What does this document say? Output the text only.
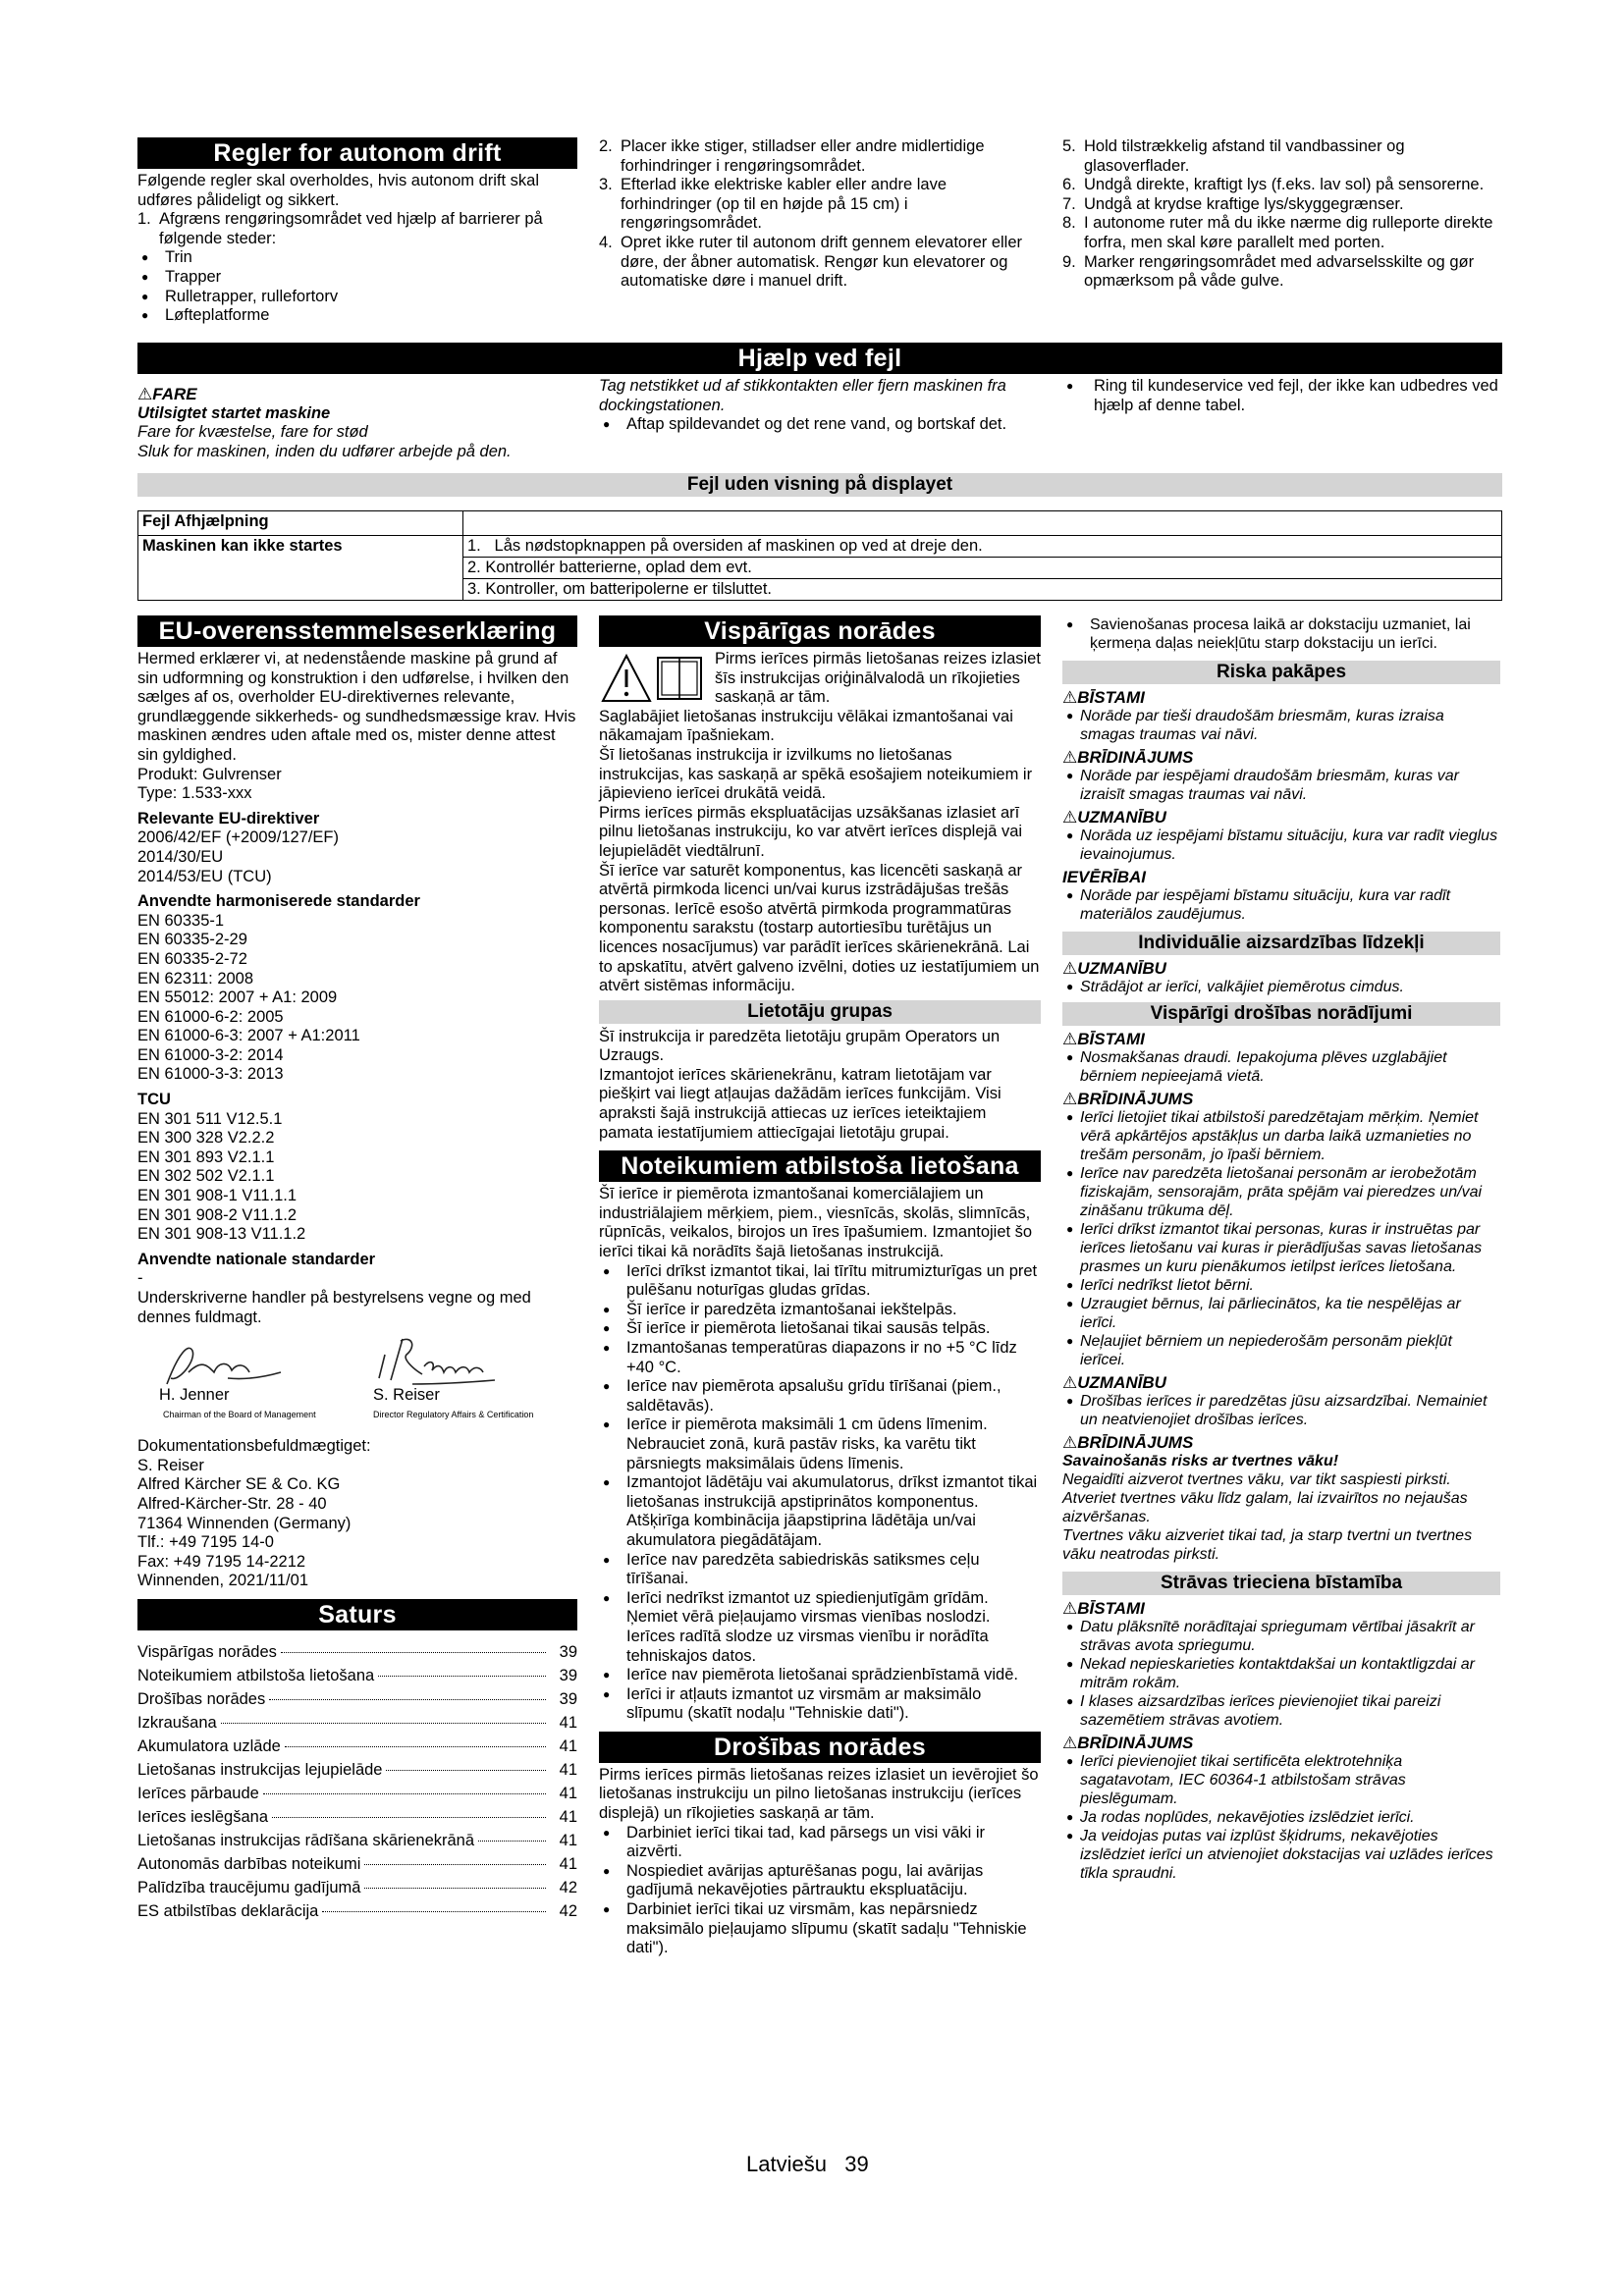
Regler for autonom drift

Følgende regler skal overholdes, hvis autonom drift skal udføres pålideligt og sikkert.

1. Afgræns rengøringsområdet ved hjælp af barrierer på følgende steder:
● Trin
● Trapper
● Rulletrapper, rullefortorv
● Løfteplatforme
2. Placer ikke stiger, stilladser eller andre midlertidige forhindringer i rengøringsområdet.
3. Efterlad ikke elektriske kabler eller andre lave forhindringer (op til en højde på 15 cm) i rengøringsområdet.
4. Opret ikke ruter til autonom drift gennem elevatorer eller døre, der åbner automatisk. Rengør kun elevatorer og automatiske døre i manuel drift.
5. Hold tilstrækkelig afstand til vandbassiner og glasoverflader.
6. Undgå direkte, kraftigt lys (f.eks. lav sol) på sensorerne.
7. Undgå at krydse kraftige lys/skyggegrænser.
8. I autonome ruter må du ikke nærme dig rulleporte direkte forfra, men skal køre parallelt med porten.
9. Marker rengøringsområdet med advarselsskilte og gør opmærksom på våde gulve.
Hjælp ved fejl
⚠FARE
Utilsigtet startet maskine
Fare for kvæstelse, fare for stød
Sluk for maskinen, inden du udfører arbejde på den.
Tag netstikket ud af stikkontakten eller fjern maskinen fra dockingstationen.
● Aftap spildevandet og det rene vand, og bortskaf det.
● Ring til kundeservice ved fejl, der ikke kan udbedres ved hjælp af denne tabel.
Fejl uden visning på displayet
Fejl Afhjælpning	
Maskinen kan ikke startes	1. Lås nødstopknappen på oversiden af maskinen op ved at dreje den.
2. Kontrollér batterierne, oplad dem evt.
3. Kontroller, om batteripolerne er tilsluttet.
EU-overensstemmelseserklæring

Hermed erklærer vi, at nedenstående maskine på grund af sin udformning og konstruktion i den udførelse, i hvilken den sælges af os, overholder EU-direktivernes relevante, grundlæggende sikkerheds- og sundhedsmæssige krav. Hvis maskinen ændres uden aftale med os, mister denne attest sin gyldighed.

Produkt: Gulvrenser

Type: 1.533-xxx

Relevante EU-direktiver
2006/42/EF (+2009/127/EF)
2014/30/EU
2014/53/EU (TCU)
Anvendte harmoniserede standarder
EN 60335-1
EN 60335-2-29
EN 60335-2-72
EN 62311: 2008
EN 55012: 2007 + A1: 2009
EN 61000-6-2: 2005
EN 61000-6-3: 2007 + A1:2011
EN 61000-3-2: 2014
EN 61000-3-3: 2013
TCU
EN 301 511 V12.5.1
EN 300 328 V2.2.2
EN 301 893 V2.1.1
EN 302 502 V2.1.1
EN 301 908-1 V11.1.1
EN 301 908-2 V11.1.2
EN 301 908-13 V11.1.2
Anvendte nationale standarder
-

Underskriverne handler på bestyrelsens vegne og med dennes fuldmagt.

H. Jenner
Chairman of the Board of Management
S. Reiser
Director Regulatory Affairs & Certification
Dokumentationsbefuldmægtiget:
S. Reiser
Alfred Kärcher SE & Co. KG
Alfred-Kärcher-Str. 28 - 40
71364 Winnenden (Germany)
Tlf.: +49 7195 14-0
Fax: +49 7195 14-2212
Winnenden, 2021/11/01
Saturs
Vispārīgas norādes	39
Noteikumiem atbilstoša lietošana	39
Drošības norādes	39
Izkraušana	41
Akumulatora uzlāde	41
Lietošanas instrukcijas lejupielāde	41
Ierīces pārbaude	41
Ierīces ieslēgšana	41
Lietošanas instrukcijas rādīšana skārienekrānā	41
Autonomās darbības noteikumi	41
Palīdzība traucējumu gadījumā	42
ES atbilstības deklarācija	42
Vispārīgas norādes
Pirms ierīces pirmās lietošanas reizes izlasiet šīs instrukcijas oriģinālvalodā un rīkojieties saskaņā ar tām.

Saglabājiet lietošanas instrukciju vēlākai izmantošanai vai nākamajam īpašniekam.

Šī lietošanas instrukcija ir izvilkums no lietošanas instrukcijas, kas saskaņā ar spēkā esošajiem noteikumiem ir jāpievieno ierīcei drukātā veidā.

Pirms ierīces pirmās ekspluatācijas uzsākšanas izlasiet arī pilnu lietošanas instrukciju, ko var atvērt ierīces displejā vai lejupielādēt viedtālrunī.

Šī ierīce var saturēt komponentus, kas licencēti saskaņā ar atvērtā pirmkoda licenci un/vai kurus izstrādājušas trešās personas. Ierīcē esošo atvērtā pirmkoda programmatūras komponentu sarakstu (tostarp autortiesību turētājus un licences nosacījumus) var parādīt ierīces skārienekrānā. Lai to apskatītu, atvērt galveno izvēlni, doties uz iestatījumiem un atvērt sistēmas informāciju.

Lietotāju grupas

Šī instrukcija ir paredzēta lietotāju grupām Operators un Uzraugs.

Izmantojot ierīces skārienekrānu, katram lietotājam var piešķirt vai liegt atļaujas dažādām ierīces funkcijām. Visi apraksti šajā instrukcijā attiecas uz ierīces ieteiktajiem pamata iestatījumiem attiecīgajai lietotāju grupai.

Noteikumiem atbilstoša lietošana

Šī ierīce ir piemērota izmantošanai komerciālajiem un industriālajiem mērķiem, piem., viesnīcās, skolās, slimnīcās, rūpnīcās, veikalos, birojos un īres īpašumiem. Izmantojiet šo ierīci tikai kā norādīts šajā lietošanas instrukcijā.

● Ierīci drīkst izmantot tikai, lai tīrītu mitrumizturīgas un pret pulēšanu noturīgas gludas grīdas.
● Šī ierīce ir paredzēta izmantošanai iekštelpās.
● Šī ierīce ir piemērota lietošanai tikai sausās telpās.
● Izmantošanas temperatūras diapazons ir no +5 °C līdz +40 °C.
● Ierīce nav piemērota apsalušu grīdu tīrīšanai (piem., saldētavās).
● Ierīce ir piemērota maksimāli 1 cm ūdens līmenim. Nebrauciet zonā, kurā pastāv risks, ka varētu tikt pārsniegts maksimālais ūdens līmenis.
● Izmantojot lādētāju vai akumulatorus, drīkst izmantot tikai lietošanas instrukcijā apstiprinātos komponentus. Atšķirīga kombinācija jāapstiprina lādētāja un/vai akumulatora piegādātājam.
● Ierīce nav paredzēta sabiedriskās satiksmes ceļu tīrīšanai.
● Ierīci nedrīkst izmantot uz spiedienjutīgām grīdām. Ņemiet vērā pieļaujamo virsmas vienības noslodzi. Ierīces radītā slodze uz virsmas vienību ir norādīta tehniskajos datos.
● Ierīce nav piemērota lietošanai sprādzienbīstamā vidē.
● Ierīci ir atļauts izmantot uz virsmām ar maksimālo slīpumu (skatīt nodaļu "Tehniskie dati").
Drošības norādes

Pirms ierīces pirmās lietošanas reizes izlasiet un ievērojiet šo lietošanas instrukciju un pilno lietošanas instrukciju (ierīces displejā) un rīkojieties saskaņā ar tām.

● Darbiniet ierīci tikai tad, kad pārsegs un visi vāki ir aizvērti.
● Nospiediet avārijas apturēšanas pogu, lai avārijas gadījumā nekavējoties pārtrauktu ekspluatāciju.
● Darbiniet ierīci tikai uz virsmām, kas nepārsniedz maksimālo pieļaujamo slīpumu (skatīt sadaļu "Tehniskie dati").
● Savienošanas procesa laikā ar dokstaciju uzmaniet, lai ķermeņa daļas neiekļūtu starp dokstaciju un ierīci.
Riska pakāpes
⚠BĪSTAMI
● Norāde par tieši draudošām briesmām, kuras izraisa smagas traumas vai nāvi.
⚠BRĪDINĀJUMS
● Norāde par iespējami draudošām briesmām, kuras var izraisīt smagas traumas vai nāvi.
⚠UZMANĪBU
● Norāda uz iespējami bīstamu situāciju, kura var radīt vieglus ievainojumus.
IEVĒRĪBAI
● Norāde par iespējami bīstamu situāciju, kura var radīt materiālos zaudējumus.
Individuālie aizsardzības līdzekļi
⚠UZMANĪBU
● Strādājot ar ierīci, valkājiet piemērotus cimdus.
Vispārīgi drošības norādījumi
⚠BĪSTAMI
● Nosmakšanas draudi. Iepakojuma plēves uzglabājiet bērniem nepieejamā vietā.
⚠BRĪDINĀJUMS
● Ierīci lietojiet tikai atbilstoši paredzētajam mērķim. Ņemiet vērā apkārtējos apstākļus un darba laikā uzmanieties no trešām personām, jo īpaši bērniem.
● Ierīce nav paredzēta lietošanai personām ar ierobežotām fiziskajām, sensorajām, prāta spējām vai pieredzes un/vai zināšanu trūkuma dēļ.
● Ierīci drīkst izmantot tikai personas, kuras ir instruētas par ierīces lietošanu vai kuras ir pierādījušas savas lietošanas prasmes un kuru pienākumos ietilpst ierīces lietošana.
● Ierīci nedrīkst lietot bērni.
● Uzraugiet bērnus, lai pārliecinātos, ka tie nespēlējas ar ierīci.
● Neļaujiet bērniem un nepiederošām personām piekļūt ierīcei.
⚠UZMANĪBU
● Drošības ierīces ir paredzētas jūsu aizsardzībai. Nemainiet un neatvienojiet drošības ierīces.
⚠BRĪDINĀJUMS
Savainošanās risks ar tvertnes vāku!
Negaidīti aizverot tvertnes vāku, var tikt saspiesti pirksti. Atveriet tvertnes vāku līdz galam, lai izvairītos no nejaušas aizvēršanas.
Tvertnes vāku aizveriet tikai tad, ja starp tvertni un tvertnes vāku neatrodas pirksti.
Strāvas trieciena bīstamība
⚠BĪSTAMI
● Datu plāksnītē norādītajai spriegumam vērtībai jāsakrīt ar strāvas avota spriegumu.
● Nekad nepieskarieties kontaktdakšai un kontaktligzdai ar mitrām rokām.
● I klases aizsardzības ierīces pievienojiet tikai pareizi sazemētiem strāvas avotiem.
⚠BRĪDINĀJUMS
● Ierīci pievienojiet tikai sertificēta elektrotehniķa sagatavotam, IEC 60364-1 atbilstošam strāvas pieslēgumam.
● Ja rodas noplūdes, nekavējoties izslēdziet ierīci.
● Ja veidojas putas vai izplūst šķidrums, nekavējoties izslēdziet ierīci un atvienojiet dokstacijas vai uzlādes ierīces tīkla spraudni.
Latviešu 39
